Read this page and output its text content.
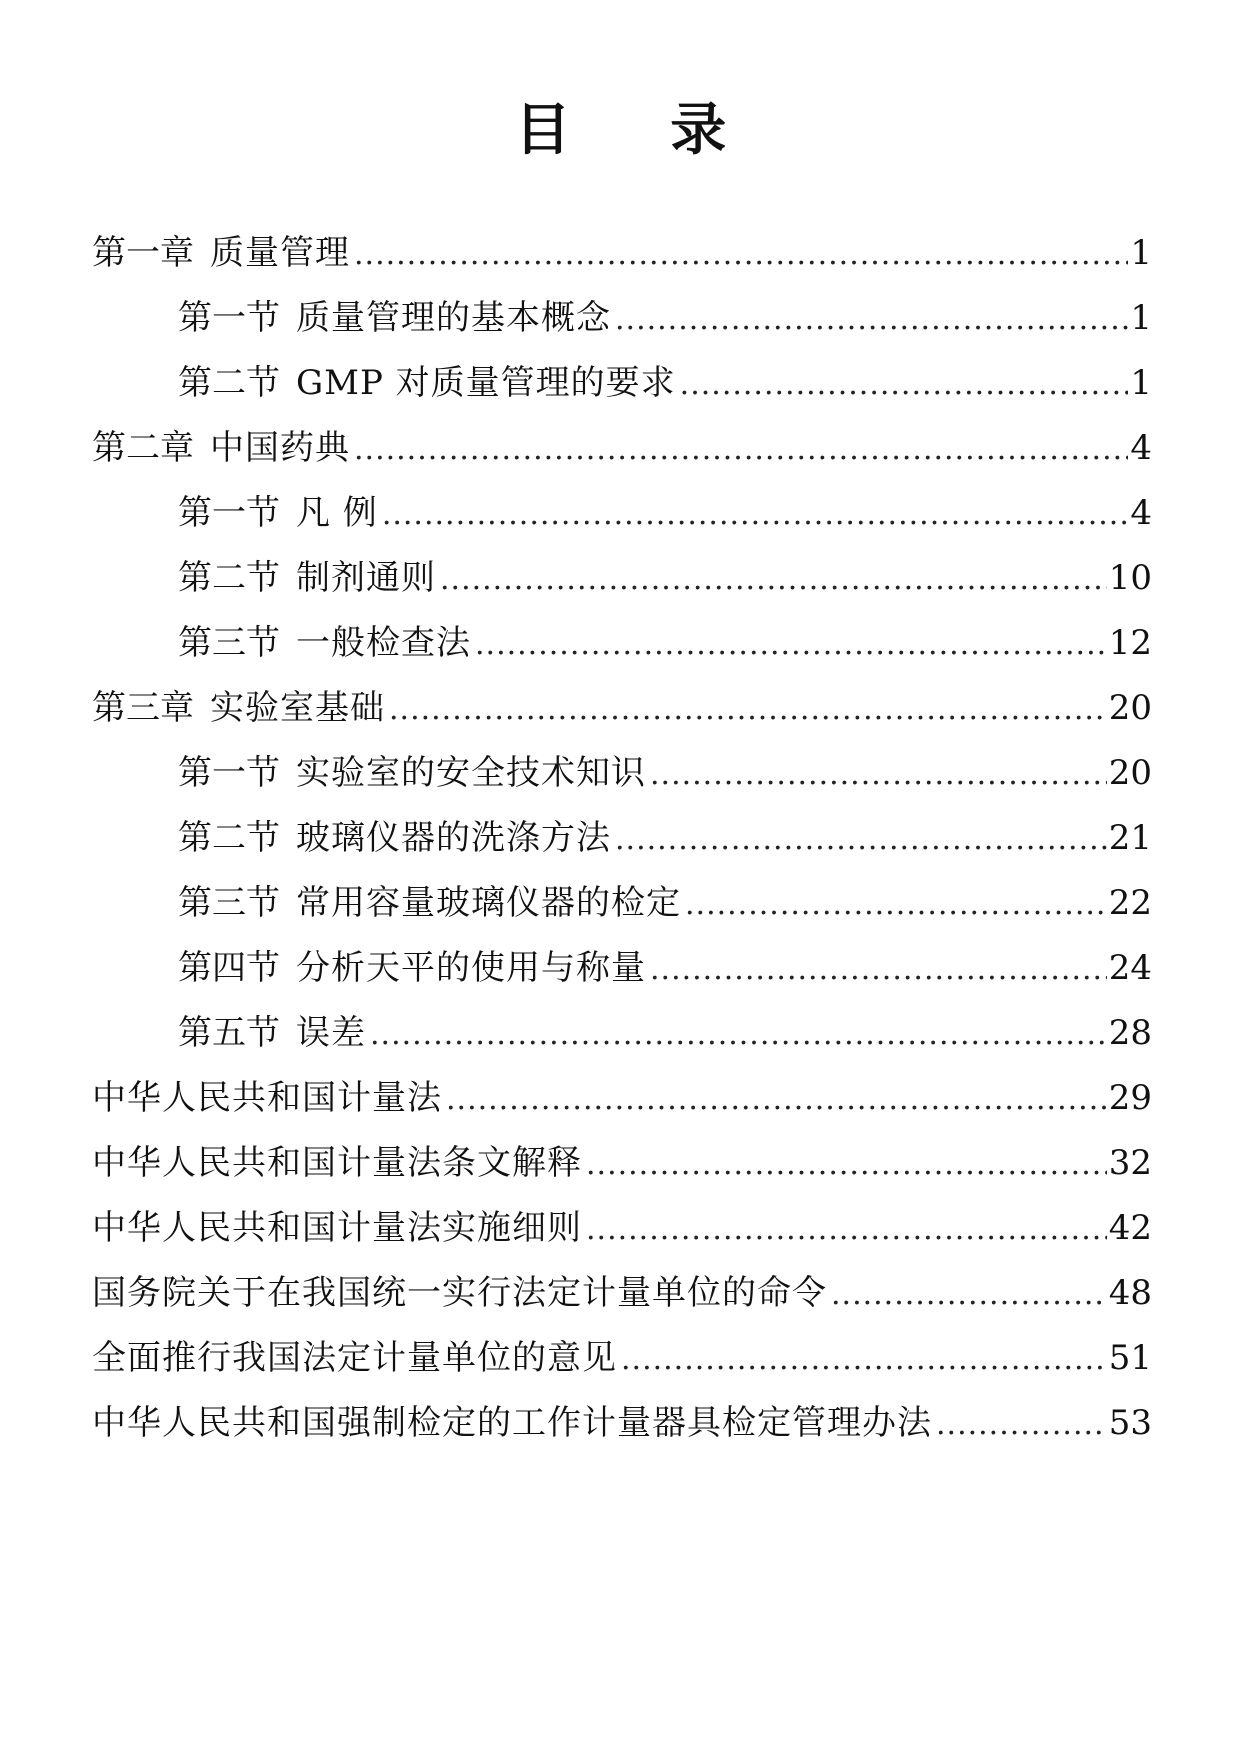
目 录
第一章 质量管理 .....	1
第一节 质量管理的基本概念 .....	1
第二节 GMP 对质量管理的要求 .....	1
第二章 中国药典 .....	4
第一节 凡 例 .....	4
第二节 制剂通则 .....	10
第三节 一般检查法 .....	12
第三章 实验室基础 .....	20
第一节 实验室的安全技术知识 .....	20
第二节 玻璃仪器的洗涤方法 .....	21
第三节 常用容量玻璃仪器的检定 .....	22
第四节 分析天平的使用与称量 .....	24
第五节 误差 .....	28
中华人民共和国计量法 .....	29
中华人民共和国计量法条文解释 .....	32
中华人民共和国计量法实施细则 .....	42
国务院关于在我国统一实行法定计量单位的命令 .....	48
全面推行我国法定计量单位的意见 .....	51
中华人民共和国强制检定的工作计量器具检定管理办法 .....	53
